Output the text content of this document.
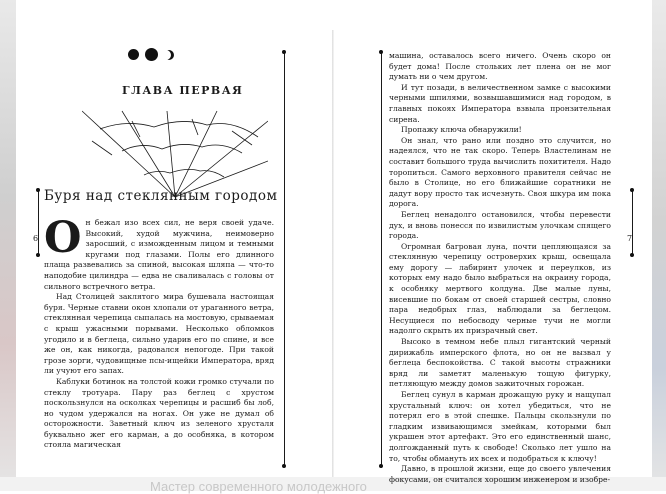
Мастер современного молодежного
ГЛАВА ПЕРВАЯ
Буря над стеклянным городом

Он бежал изо всех сил, не веря своей удаче. Высокий, худой мужчина, неимоверно заросший, с изможденным лицом и темными кругами под глазами. Полы его длинного плаща развевались за спиной, высокая шляпа — что-то наподобие цилиндра — едва не сваливалась с головы от сильного встречного ветра.

Над Столицей заклятого мира бушевала настоящая буря. Черные ставни окон хлопали от ураганного ветра, стеклянная черепица сыпалась на мостовую, срываемая с крыш ужасными порывами. Несколько обломков угодило и в беглеца, сильно ударив его по спине, и все же он, как никогда, радовался непогоде. При такой грозе зорги, чудовищные псы-ищейки Императора, вряд ли учуют его запах.

Каблуки ботинок на толстой кожи громко стучали по стеклу тротуара. Пару раз беглец с хрустом поскользнулся на осколках черепицы и расшиб бы лоб, но чудом удержался на ногах. Он уже не думал об осторожности. Заветный ключ из зеленого хрусталя буквально жег его карман, а до особняка, в котором стояла магическая

машина, оставалось всего ничего. Очень скоро он будет дома! После стольких лет плена он не мог думать ни о чем другом.

И тут позади, в величественном замке с высокими черными шпилями, возвышавшимися над городом, в главных покоях Императора взвыла пронзительная сирена.

Пропажу ключа обнаружили!

Он знал, что рано или поздно это случится, но надеялся, что не так скоро. Теперь Властелинам не составит большого труда вычислить похитителя. Надо торопиться. Самого верховного правителя сейчас не было в Столице, но его ближайшие соратники не дадут вору просто так исчезнуть. Своя шкура им пока дорога.

Беглец ненадолго остановился, чтобы перевести дух, и вновь понесся по извилистым улочкам спящего города.

Огромная багровая луна, почти цепляющаяся за стеклянную черепицу островерхих крыш, освещала ему дорогу — лабиринт улочек и переулков, из которых ему надо было выбраться на окраину города, к особняку мертвого колдуна. Две малые луны, висевшие по бокам от своей старшей сестры, словно пара недобрых глаз, наблюдали за беглецом. Несущиеся по небосводу черные тучи не могли надолго скрыть их призрачный свет.

Высоко в темном небе плыл гигантский черный дирижабль имперского флота, но он не вызвал у беглеца беспокойства. С такой высоты стражники вряд ли заметят маленькую тощую фигурку, петляющую между домов зажиточных горожан.

Беглец сунул в карман дрожащую руку и нащупал хрустальный ключ: он хотел убедиться, что не потерял его в этой спешке. Пальцы скользнули по гладким извивающимся змейкам, которыми был украшен этот артефакт. Это его единственный шанс, долгожданный путь к свободе! Сколько лет ушло на то, чтобы обмануть их всех и подобраться к ключу!

Давно, в прошлой жизни, еще до своего увлечения фокусами, он считался хорошим инженером и изобре-

6	7
